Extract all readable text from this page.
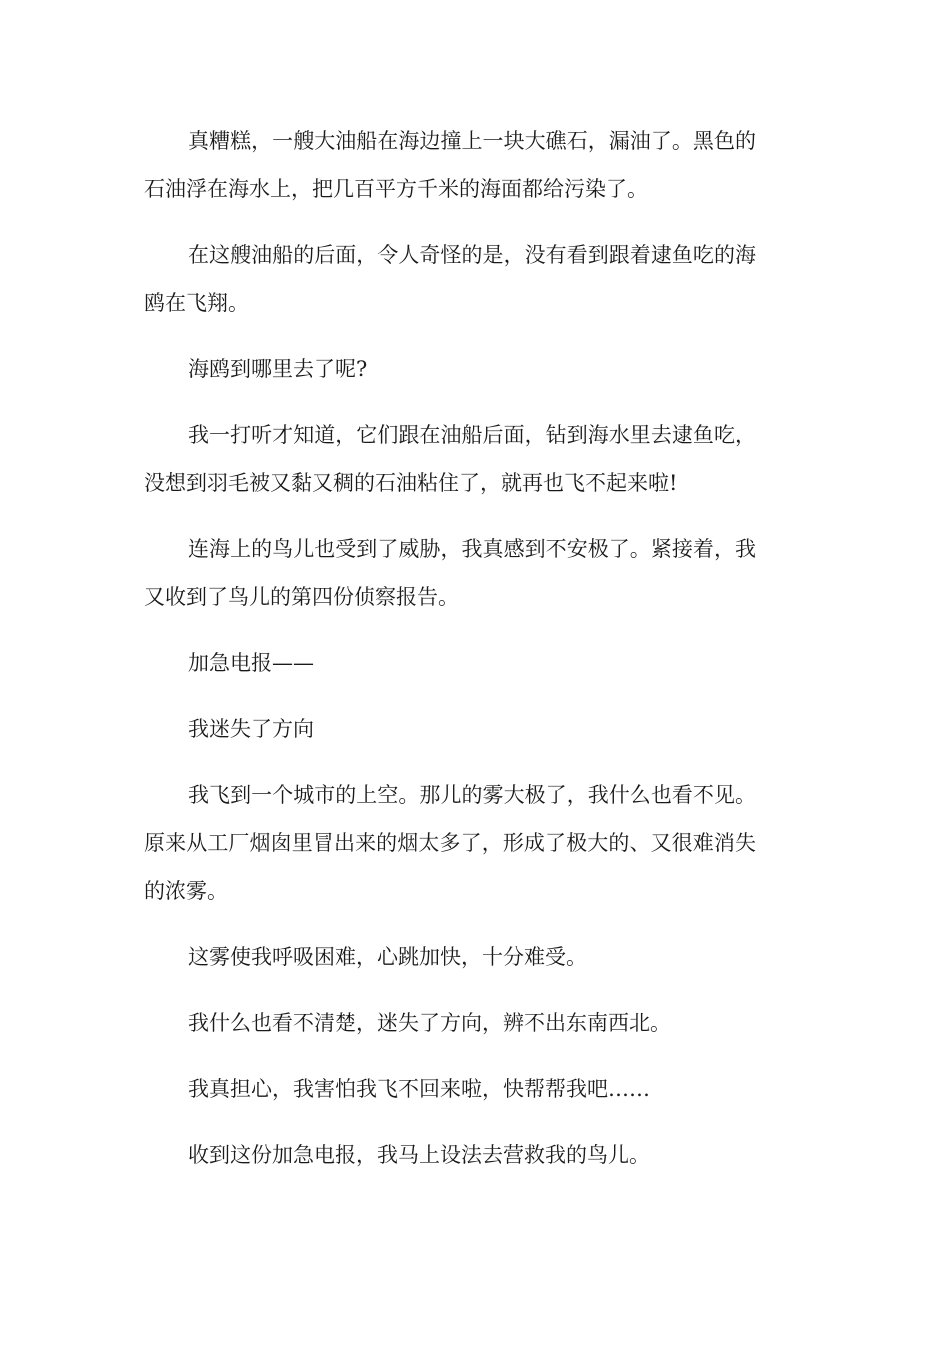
真糟糕，一艘大油船在海边撞上一块大礁石，漏油了。黑色的石油浮在海水上，把几百平方千米的海面都给污染了。

在这艘油船的后面，令人奇怪的是，没有看到跟着逮鱼吃的海鸥在飞翔。

海鸥到哪里去了呢?

我一打听才知道，它们跟在油船后面，钻到海水里去逮鱼吃，没想到羽毛被又黏又稠的石油粘住了，就再也飞不起来啦!

连海上的鸟儿也受到了威胁，我真感到不安极了。紧接着，我又收到了鸟儿的第四份侦察报告。

加急电报——

我迷失了方向

我飞到一个城市的上空。那儿的雾大极了，我什么也看不见。原来从工厂烟囱里冒出来的烟太多了，形成了极大的、又很难消失的浓雾。

这雾使我呼吸困难，心跳加快，十分难受。

我什么也看不清楚，迷失了方向，辨不出东南西北。

我真担心，我害怕我飞不回来啦，快帮帮我吧……

收到这份加急电报，我马上设法去营救我的鸟儿。
